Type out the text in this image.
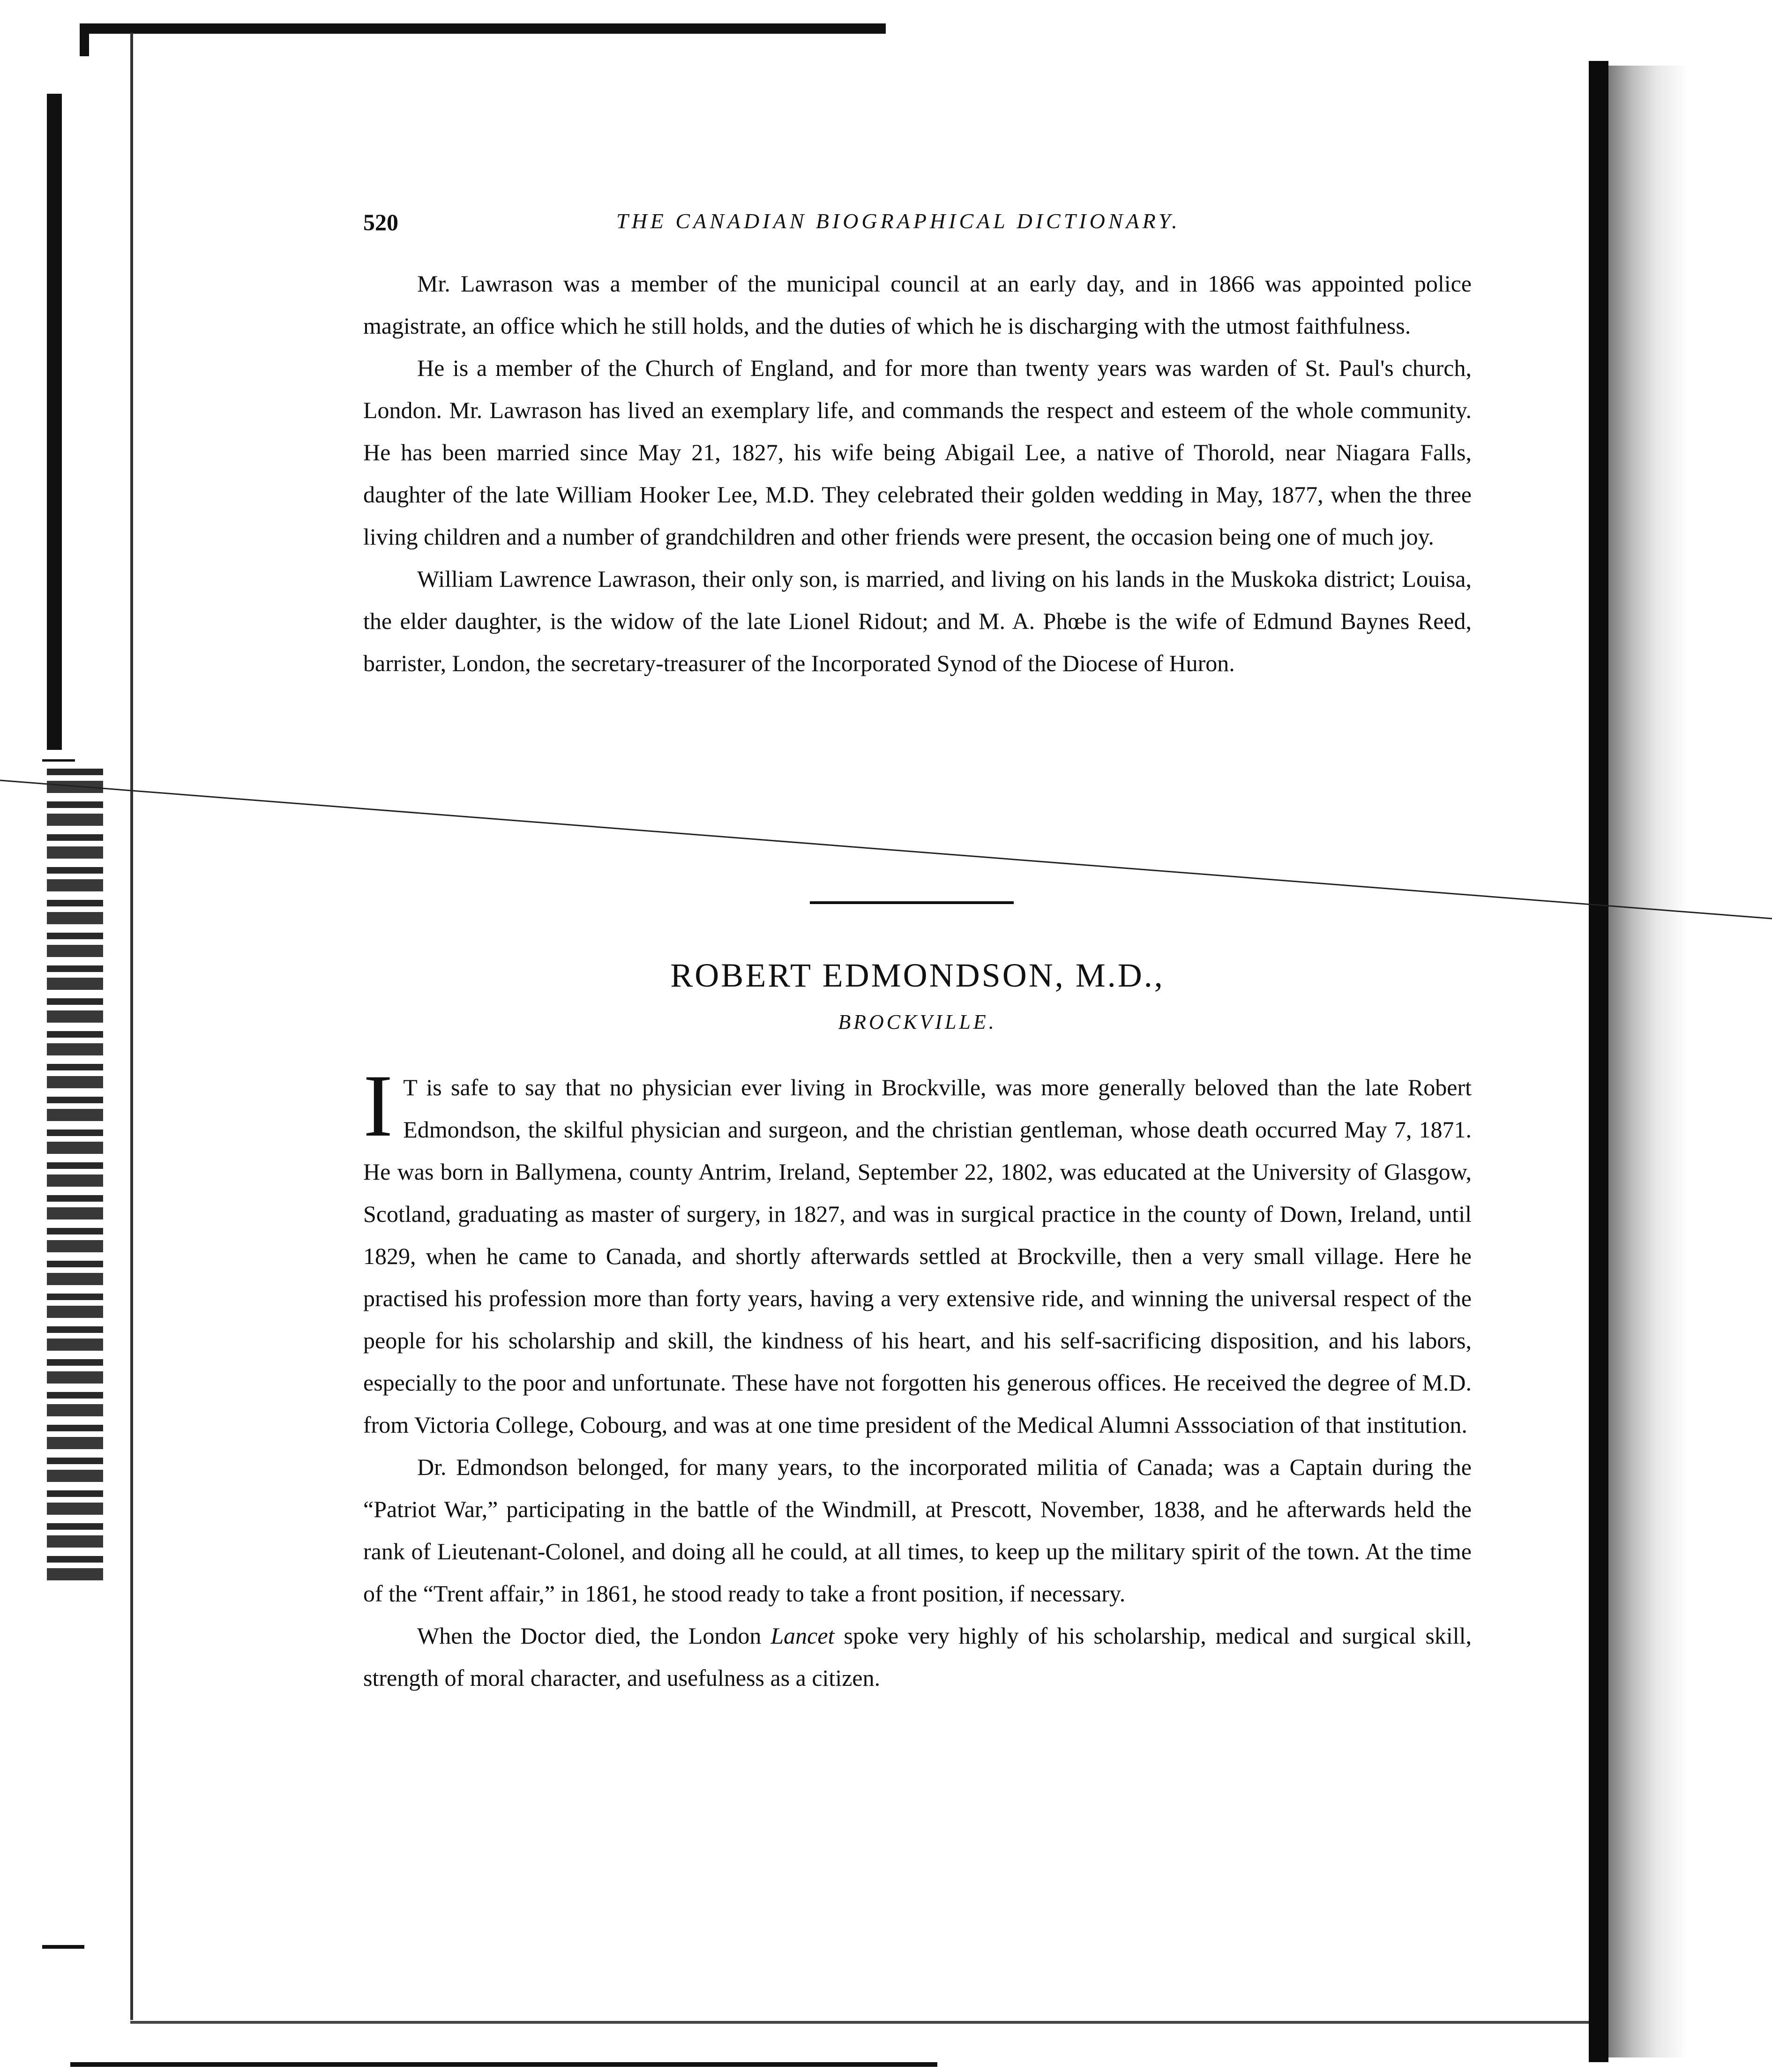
520	THE CANADIAN BIOGRAPHICAL DICTIONARY.

Mr. Lawrason was a member of the municipal council at an early day, and in 1866 was appointed police magistrate, an office which he still holds, and the duties of which he is discharging with the utmost faithfulness.

He is a member of the Church of England, and for more than twenty years was warden of St. Paul's church, London. Mr. Lawrason has lived an exemplary life, and commands the respect and esteem of the whole community. He has been married since May 21, 1827, his wife being Abigail Lee, a native of Thorold, near Niagara Falls, daughter of the late William Hooker Lee, M.D. They celebrated their golden wedding in May, 1877, when the three living children and a number of grandchildren and other friends were present, the occasion being one of much joy.

William Lawrence Lawrason, their only son, is married, and living on his lands in the Muskoka district; Louisa, the elder daughter, is the widow of the late Lionel Ridout; and M. A. Phœbe is the wife of Edmund Baynes Reed, barrister, London, the secretary-treasurer of the Incorporated Synod of the Diocese of Huron.

ROBERT EDMONDSON, M.D.,
BROCKVILLE.

I T is safe to say that no physician ever living in Brockville, was more generally beloved than the late Robert Edmondson, the skilful physician and surgeon, and the christian gentleman, whose death occurred May 7, 1871. He was born in Ballymena, county Antrim, Ireland, September 22, 1802, was educated at the University of Glasgow, Scotland, graduating as master of surgery, in 1827, and was in surgical practice in the county of Down, Ireland, until 1829, when he came to Canada, and shortly afterwards settled at Brockville, then a very small village. Here he practised his profession more than forty years, having a very extensive ride, and winning the universal respect of the people for his scholarship and skill, the kindness of his heart, and his self-sacrificing disposition, and his labors, especially to the poor and unfortunate. These have not forgotten his generous offices. He received the degree of M.D. from Victoria College, Cobourg, and was at one time president of the Medical Alumni Asssociation of that institution.

Dr. Edmondson belonged, for many years, to the incorporated militia of Canada; was a Captain during the “Patriot War,” participating in the battle of the Windmill, at Prescott, November, 1838, and he afterwards held the rank of Lieutenant-Colonel, and doing all he could, at all times, to keep up the military spirit of the town. At the time of the “Trent affair,” in 1861, he stood ready to take a front position, if necessary.

When the Doctor died, the London Lancet spoke very highly of his scholarship, medical and surgical skill, strength of moral character, and usefulness as a citizen.
